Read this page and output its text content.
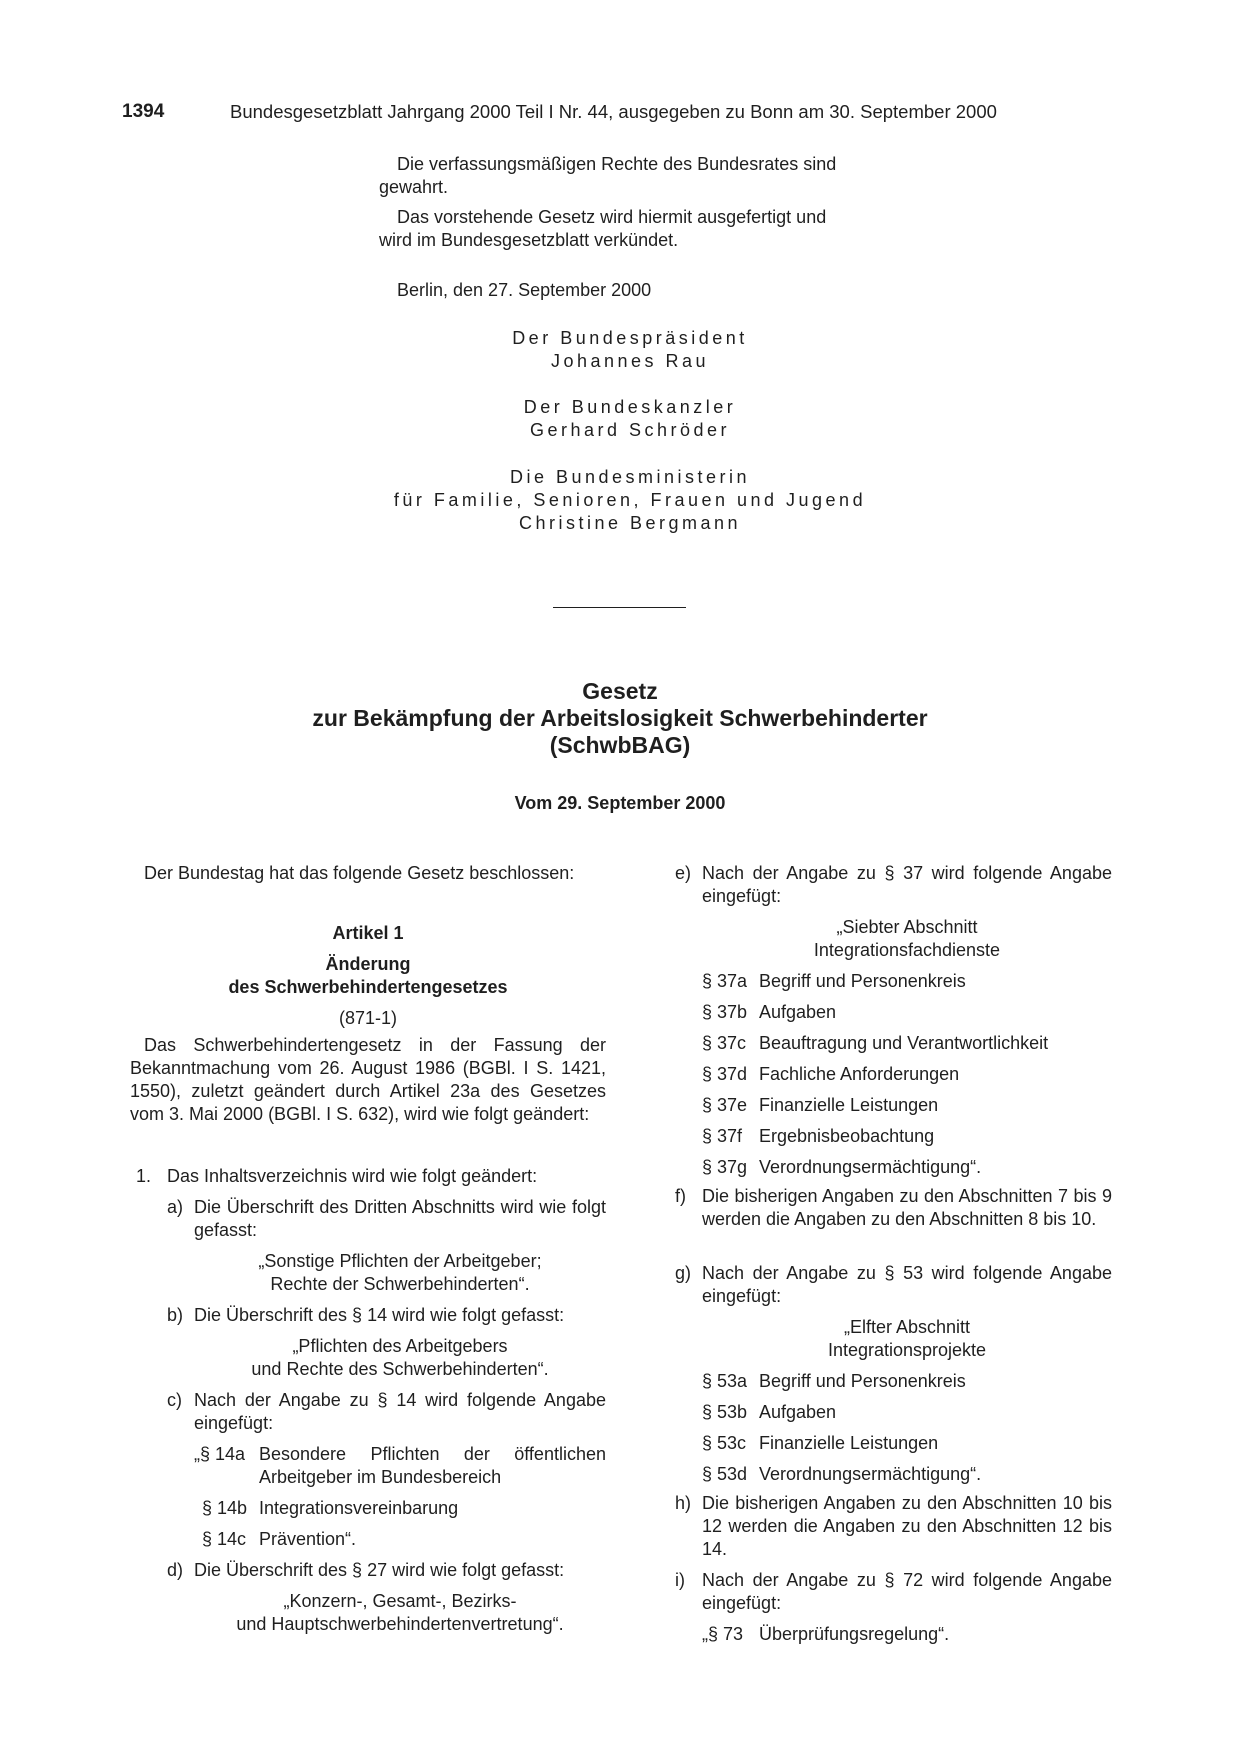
1394	Bundesgesetzblatt Jahrgang 2000 Teil I Nr. 44, ausgegeben zu Bonn am 30. September 2000
Die verfassungsmäßigen Rechte des Bundesrates sind
gewahrt.
Das vorstehende Gesetz wird hiermit ausgefertigt und
wird im Bundesgesetzblatt verkündet.
Berlin, den 27. September 2000
Der Bundespräsident
Johannes Rau
Der Bundeskanzler
Gerhard Schröder
Die Bundesministerin
für Familie, Senioren, Frauen und Jugend
Christine Bergmann
Gesetz
zur Bekämpfung der Arbeitslosigkeit Schwerbehinderter
(SchwbBAG)
Vom 29. September 2000
Der Bundestag hat das folgende Gesetz beschlossen:
Artikel 1
Änderung
des Schwerbehindertengesetzes
(871-1)
Das Schwerbehindertengesetz in der Fassung der Bekanntmachung vom 26. August 1986 (BGBl. I S. 1421, 1550), zuletzt geändert durch Artikel 23a des Gesetzes vom 3. Mai 2000 (BGBl. I S. 632), wird wie folgt geändert:
1. Das Inhaltsverzeichnis wird wie folgt geändert:
a) Die Überschrift des Dritten Abschnitts wird wie folgt gefasst:
„Sonstige Pflichten der Arbeitgeber;
Rechte der Schwerbehinderten“.
b) Die Überschrift des § 14 wird wie folgt gefasst:
„Pflichten des Arbeitgebers
und Rechte des Schwerbehinderten“.
c) Nach der Angabe zu § 14 wird folgende Angabe eingefügt:
„§ 14a Besondere Pflichten der öffentlichen Arbeitgeber im Bundesbereich
§ 14b Integrationsvereinbarung
§ 14c Prävention“.
d) Die Überschrift des § 27 wird wie folgt gefasst:
„Konzern-, Gesamt-, Bezirks-
und Hauptschwerbehindertenvertretung“.
e) Nach der Angabe zu § 37 wird folgende Angabe eingefügt:
„Siebter Abschnitt
Integrationsfachdienste
§ 37a Begriff und Personenkreis
§ 37b Aufgaben
§ 37c Beauftragung und Verantwortlichkeit
§ 37d Fachliche Anforderungen
§ 37e Finanzielle Leistungen
§ 37f Ergebnisbeobachtung
§ 37g Verordnungsermächtigung“.
f) Die bisherigen Angaben zu den Abschnitten 7 bis 9 werden die Angaben zu den Abschnitten 8 bis 10.
g) Nach der Angabe zu § 53 wird folgende Angabe eingefügt:
„Elfter Abschnitt
Integrationsprojekte
§ 53a Begriff und Personenkreis
§ 53b Aufgaben
§ 53c Finanzielle Leistungen
§ 53d Verordnungsermächtigung“.
h) Die bisherigen Angaben zu den Abschnitten 10 bis 12 werden die Angaben zu den Abschnitten 12 bis 14.
i) Nach der Angabe zu § 72 wird folgende Angabe eingefügt:
„§ 73 Überprüfungsregelung“.
